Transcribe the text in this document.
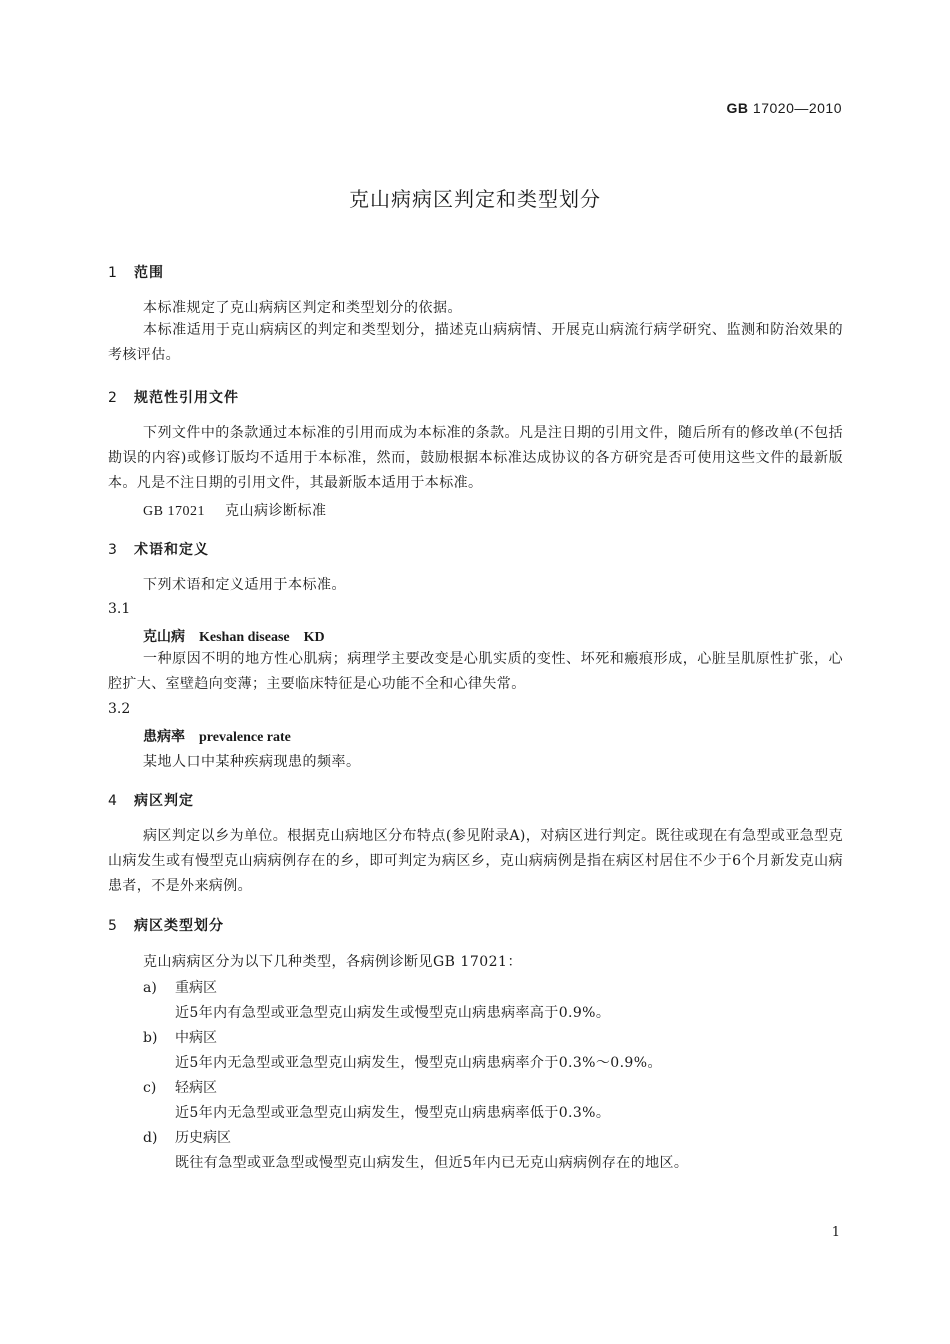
GB 17020—2010
克山病病区判定和类型划分
1 范围
本标准规定了克山病病区判定和类型划分的依据。
本标准适用于克山病病区的判定和类型划分，描述克山病病情、开展克山病流行病学研究、监测和防治效果的考核评估。
2 规范性引用文件
下列文件中的条款通过本标准的引用而成为本标准的条款。凡是注日期的引用文件，随后所有的修改单(不包括勘误的内容)或修订版均不适用于本标准，然而，鼓励根据本标准达成协议的各方研究是否可使用这些文件的最新版本。凡是不注日期的引用文件，其最新版本适用于本标准。
GB 17021 克山病诊断标准
3 术语和定义
下列术语和定义适用于本标准。
3.1
克山病 Keshan disease KD
一种原因不明的地方性心肌病；病理学主要改变是心肌实质的变性、坏死和瘢痕形成，心脏呈肌原性扩张，心腔扩大、室壁趋向变薄；主要临床特征是心功能不全和心律失常。
3.2
患病率 prevalence rate
某地人口中某种疾病现患的频率。
4 病区判定
病区判定以乡为单位。根据克山病地区分布特点(参见附录A)，对病区进行判定。既往或现在有急型或亚急型克山病发生或有慢型克山病病例存在的乡，即可判定为病区乡，克山病病例是指在病区村居住不少于6个月新发克山病患者，不是外来病例。
5 病区类型划分
克山病病区分为以下几种类型，各病例诊断见GB 17021：
a) 重病区
近5年内有急型或亚急型克山病发生或慢型克山病患病率高于0.9%。
b) 中病区
近5年内无急型或亚急型克山病发生，慢型克山病患病率介于0.3%～0.9%。
c) 轻病区
近5年内无急型或亚急型克山病发生，慢型克山病患病率低于0.3%。
d) 历史病区
既往有急型或亚急型或慢型克山病发生，但近5年内已无克山病病例存在的地区。
1
